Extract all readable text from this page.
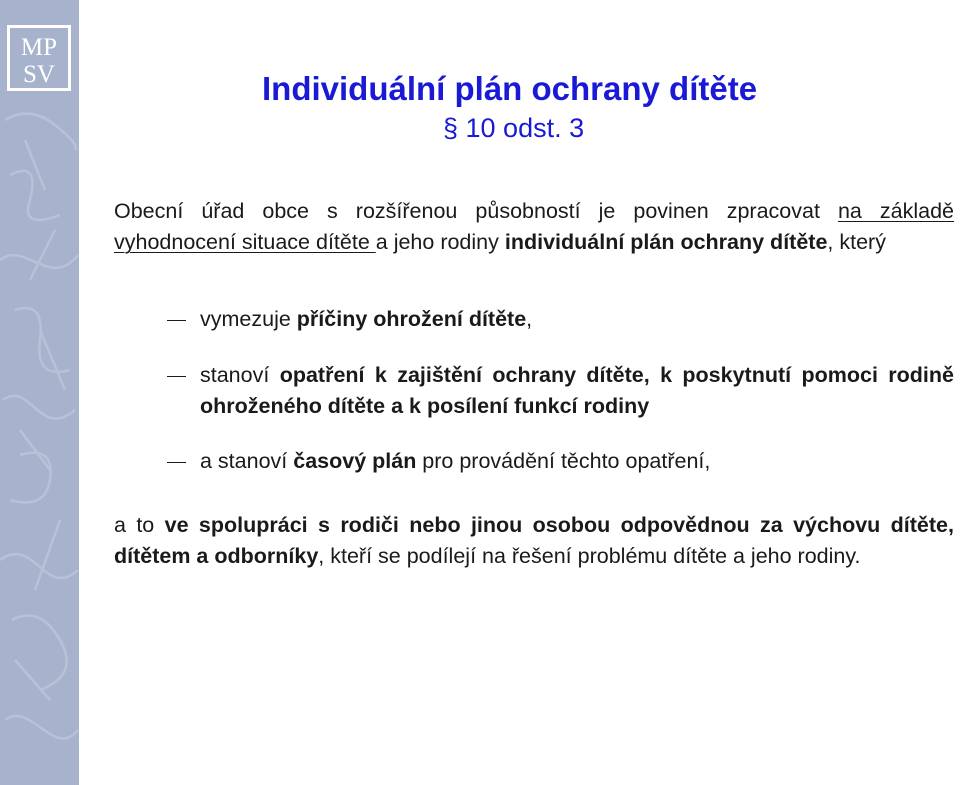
MP
SV	Individuální plán ochrany dítěte
§ 10 odst. 3

Obecní úřad obce s rozšířenou působností je povinen zpracovat na základě vyhodnocení situace dítěte a jeho rodiny individuální plán ochrany dítěte, který

vymezuje příčiny ohrožení dítěte,
stanoví opatření k zajištění ochrany dítěte, k poskytnutí pomoci rodině ohroženého dítěte a k posílení funkcí rodiny
a stanoví časový plán pro provádění těchto opatření,

a to ve spolupráci s rodiči nebo jinou osobou odpovědnou za výchovu dítěte, dítětem a odborníky, kteří se podílejí na řešení problému dítěte a jeho rodiny.
